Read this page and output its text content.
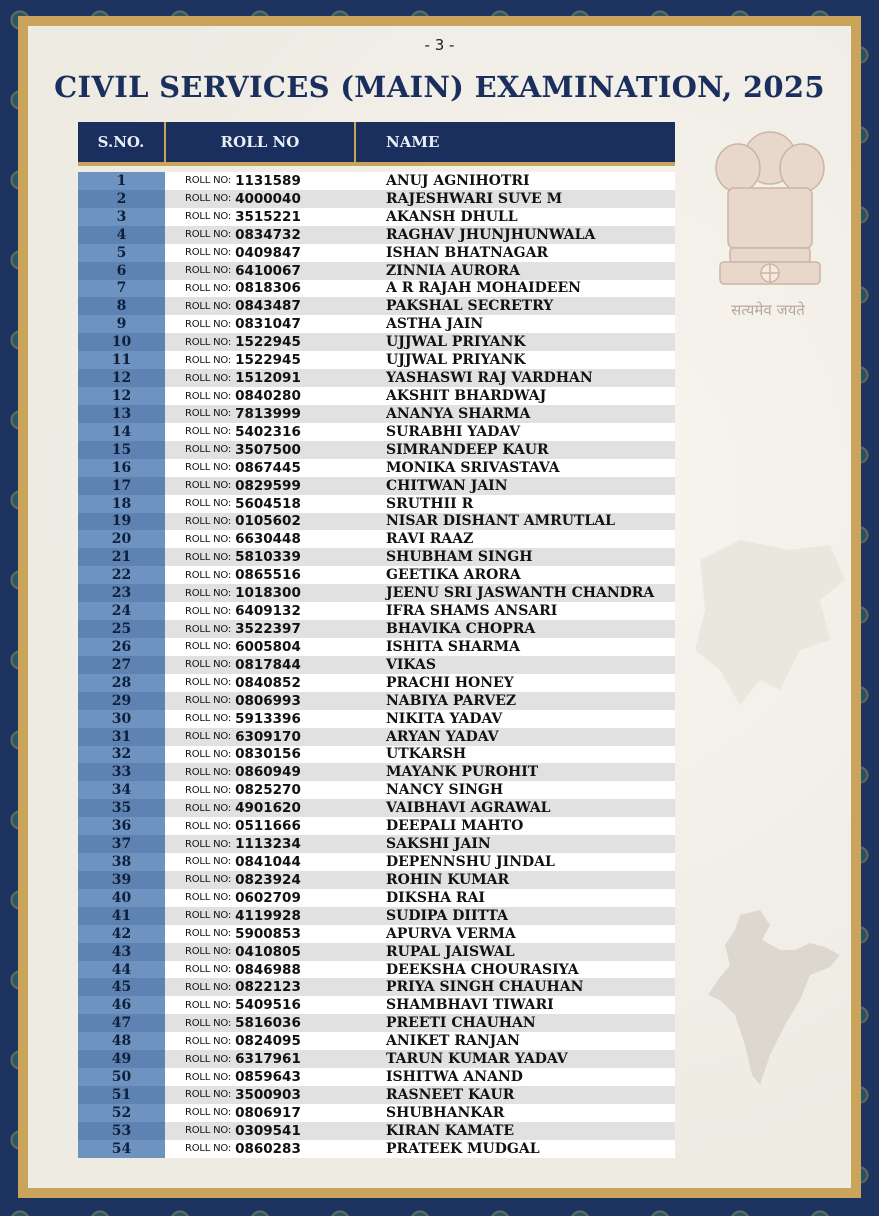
- 3 -
CIVIL SERVICES (MAIN) EXAMINATION, 2025
सत्यमेव जयते
S.NO.	ROLL NO	NAME
1	ROLL NO: 1131589	ANUJ AGNIHOTRI
2	ROLL NO: 4000040	RAJESHWARI SUVE M
3	ROLL NO: 3515221	AKANSH DHULL
4	ROLL NO: 0834732	RAGHAV JHUNJHUNWALA
5	ROLL NO: 0409847	ISHAN BHATNAGAR
6	ROLL NO: 6410067	ZINNIA AURORA
7	ROLL NO: 0818306	A R RAJAH MOHAIDEEN
8	ROLL NO: 0843487	PAKSHAL SECRETRY
9	ROLL NO: 0831047	ASTHA JAIN
10	ROLL NO: 1522945	UJJWAL PRIYANK
11	ROLL NO: 1522945	UJJWAL PRIYANK
12	ROLL NO: 1512091	YASHASWI RAJ VARDHAN
12	ROLL NO: 0840280	AKSHIT BHARDWAJ
13	ROLL NO: 7813999	ANANYA SHARMA
14	ROLL NO: 5402316	SURABHI YADAV
15	ROLL NO: 3507500	SIMRANDEEP KAUR
16	ROLL NO: 0867445	MONIKA SRIVASTAVA
17	ROLL NO: 0829599	CHITWAN JAIN
18	ROLL NO: 5604518	SRUTHII R
19	ROLL NO: 0105602	NISAR DISHANT AMRUTLAL
20	ROLL NO: 6630448	RAVI RAAZ
21	ROLL NO: 5810339	SHUBHAM SINGH
22	ROLL NO: 0865516	GEETIKA ARORA
23	ROLL NO: 1018300	JEENU SRI JASWANTH CHANDRA
24	ROLL NO: 6409132	IFRA SHAMS ANSARI
25	ROLL NO: 3522397	BHAVIKA CHOPRA
26	ROLL NO: 6005804	ISHITA SHARMA
27	ROLL NO: 0817844	VIKAS
28	ROLL NO: 0840852	PRACHI HONEY
29	ROLL NO: 0806993	NABIYA PARVEZ
30	ROLL NO: 5913396	NIKITA YADAV
31	ROLL NO: 6309170	ARYAN YADAV
32	ROLL NO: 0830156	UTKARSH
33	ROLL NO: 0860949	MAYANK PUROHIT
34	ROLL NO: 0825270	NANCY SINGH
35	ROLL NO: 4901620	VAIBHAVI AGRAWAL
36	ROLL NO: 0511666	DEEPALI MAHTO
37	ROLL NO: 1113234	SAKSHI JAIN
38	ROLL NO: 0841044	DEPENNSHU JINDAL
39	ROLL NO: 0823924	ROHIN KUMAR
40	ROLL NO: 0602709	DIKSHA RAI
41	ROLL NO: 4119928	SUDIPA DIITTA
42	ROLL NO: 5900853	APURVA VERMA
43	ROLL NO: 0410805	RUPAL JAISWAL
44	ROLL NO: 0846988	DEEKSHA CHOURASIYA
45	ROLL NO: 0822123	PRIYA SINGH CHAUHAN
46	ROLL NO: 5409516	SHAMBHAVI TIWARI
47	ROLL NO: 5816036	PREETI CHAUHAN
48	ROLL NO: 0824095	ANIKET RANJAN
49	ROLL NO: 6317961	TARUN KUMAR YADAV
50	ROLL NO: 0859643	ISHITWA ANAND
51	ROLL NO: 3500903	RASNEET KAUR
52	ROLL NO: 0806917	SHUBHANKAR
53	ROLL NO: 0309541	KIRAN KAMATE
54	ROLL NO: 0860283	PRATEEK MUDGAL
